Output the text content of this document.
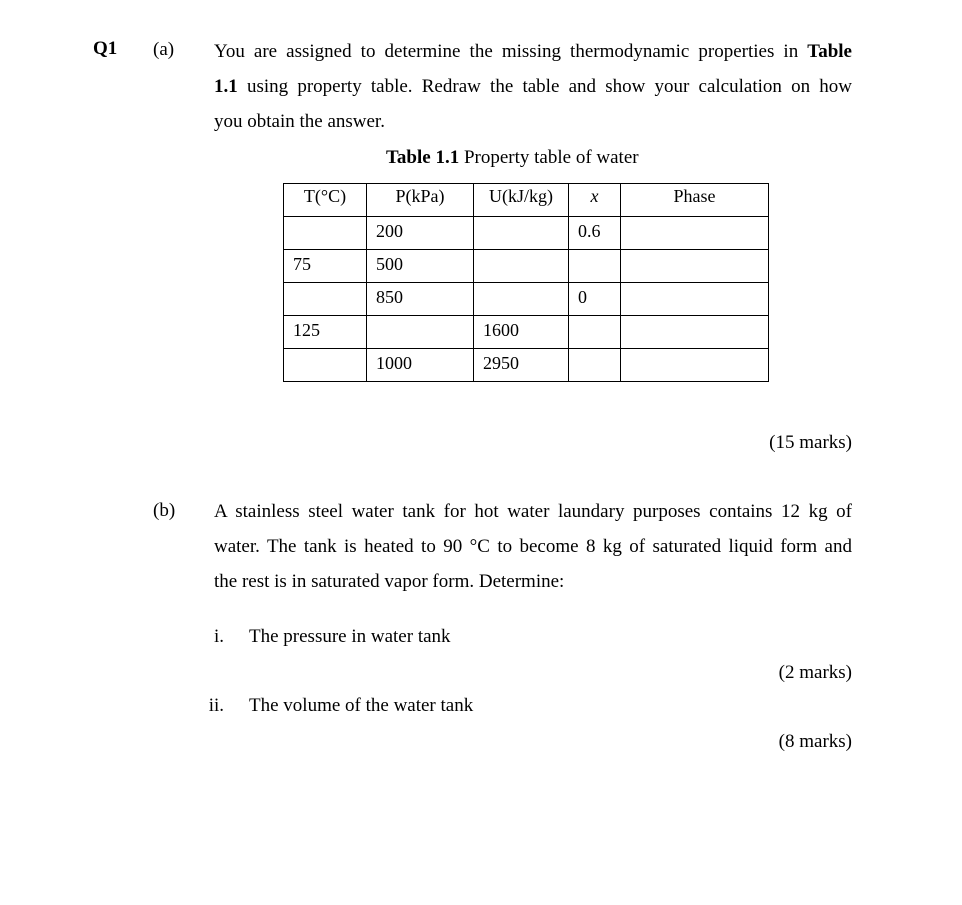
Q1 (a) You are assigned to determine the missing thermodynamic properties in Table
1.1 using property table. Redraw the table and show your calculation on how
you obtain the answer.
Table 1.1 Property table of water
T(°C)	P(kPa)	U(kJ/kg)	x	Phase
	200		0.6	
75	500			
	850		0	
125		1600		
	1000	2950		
(15 marks)
(b) A stainless steel water tank for hot water laundary purposes contains 12 kg of
water. The tank is heated to 90 °C to become 8 kg of saturated liquid form and
the rest is in saturated vapor form. Determine:
i. The pressure in water tank
(2 marks)
ii. The volume of the water tank
(8 marks)
